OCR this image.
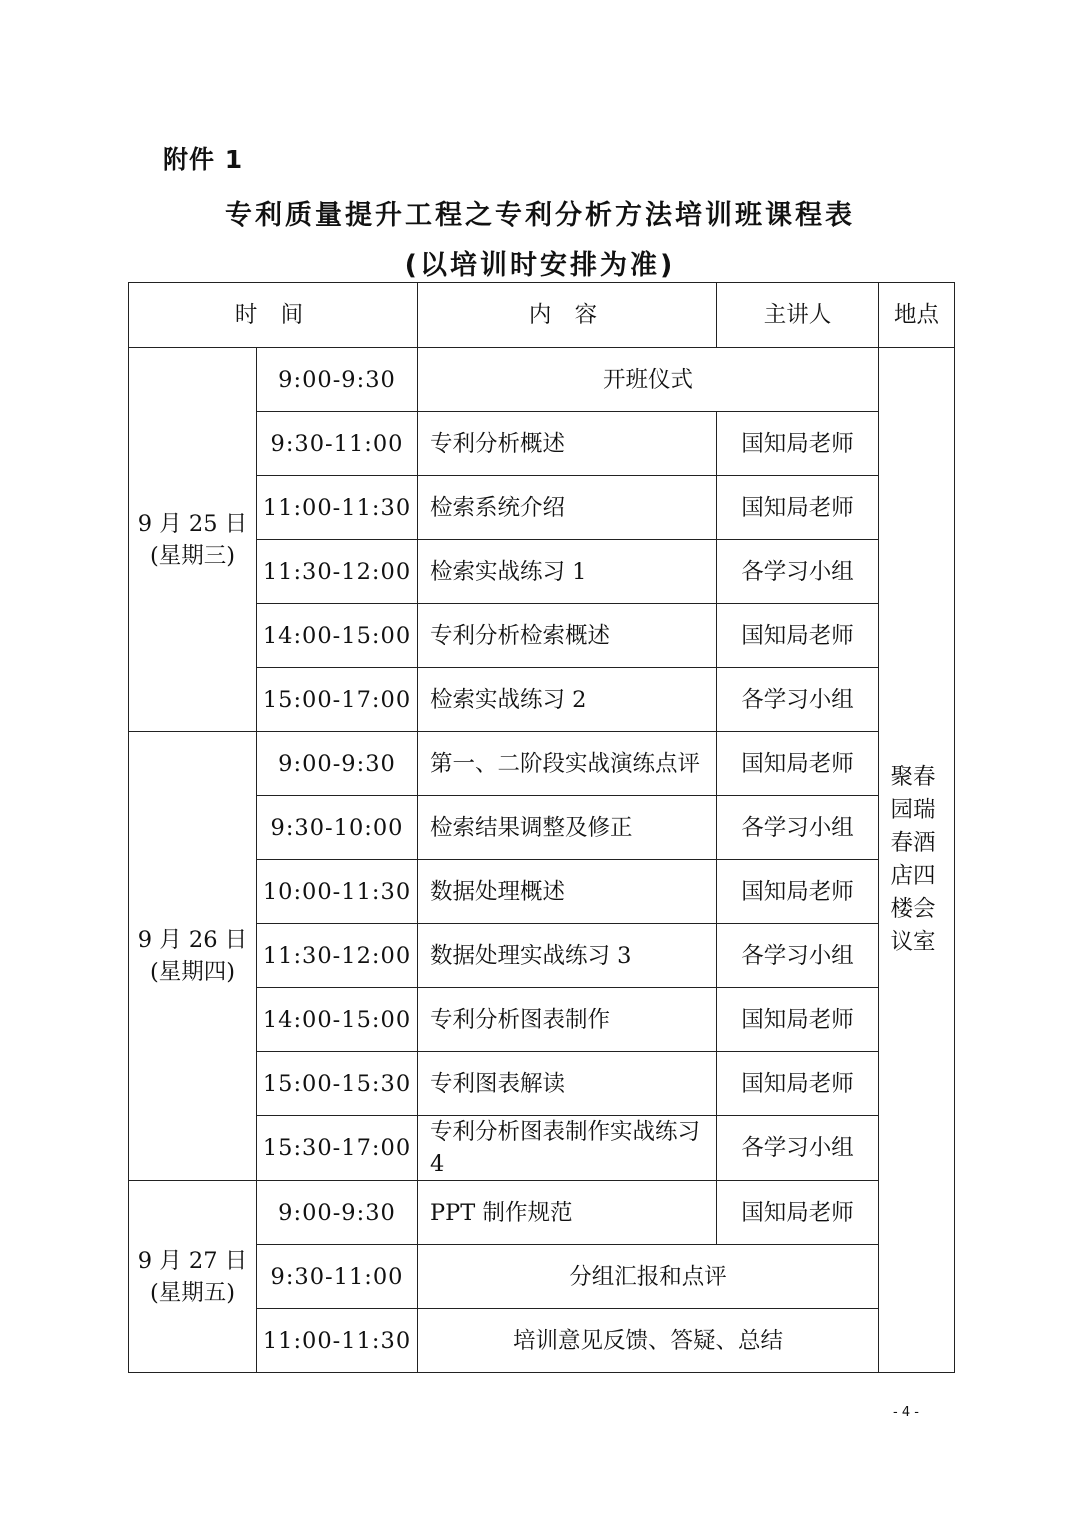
附件 1
专利质量提升工程之专利分析方法培训班课程表
(以培训时安排为准)
时 间		内 容	主讲人	地点

9 月 25 日
(星期三)	9:00-9:30	开班仪式		聚春园瑞春酒店四楼会议室

	9:30-11:00	专利分析概述	国知局老师	
	11:00-11:30	检索系统介绍	国知局老师	
	11:30-12:00	检索实战练习 1	各学习小组	
	14:00-15:00	专利分析检索概述	国知局老师	
	15:00-17:00	检索实战练习 2	各学习小组	

9 月 26 日
(星期四)	9:00-9:30	第一、二阶段实战演练点评	国知局老师	
	9:30-10:00	检索结果调整及修正	各学习小组	
	10:00-11:30	数据处理概述	国知局老师	
	11:30-12:00	数据处理实战练习 3	各学习小组	
	14:00-15:00	专利分析图表制作	国知局老师	
	15:00-15:30	专利图表解读	国知局老师	
	15:30-17:00	专利分析图表制作实战练习 4	各学习小组	

9 月 27 日
(星期五)	9:00-9:30	PPT 制作规范	国知局老师	
	9:30-11:00	分组汇报和点评		
	11:00-11:30	培训意见反馈、答疑、总结		
- 4 -
